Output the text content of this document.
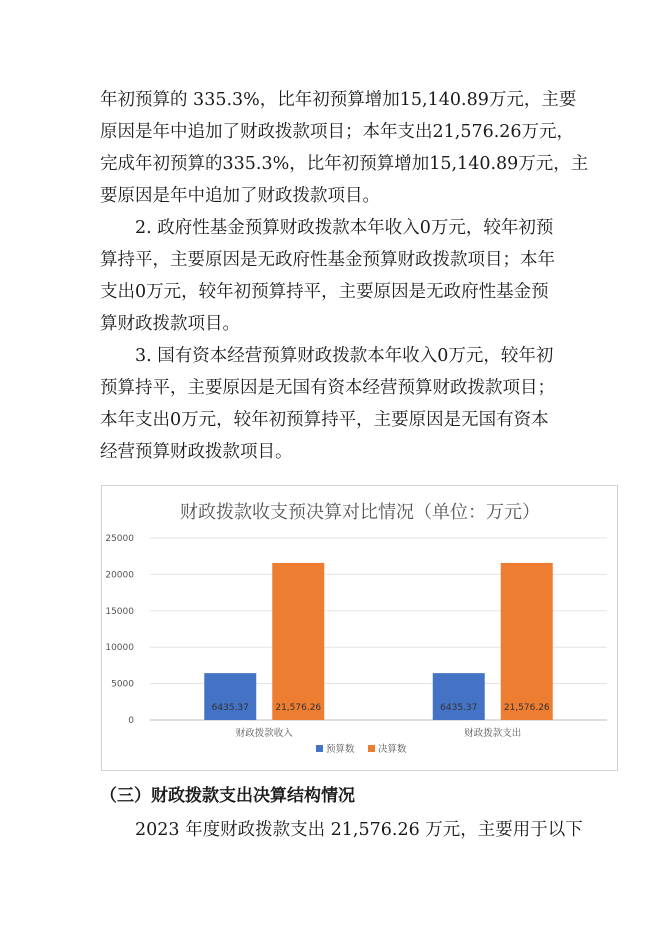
年初预算的 335.3%，比年初预算增加15,140.89万元，主要
原因是年中追加了财政拨款项目；本年支出21,576.26万元，
完成年初预算的335.3%，比年初预算增加15,140.89万元，主
要原因是年中追加了财政拨款项目。
　　2. 政府性基金预算财政拨款本年收入0万元，较年初预
算持平，主要原因是无政府性基金预算财政拨款项目；本年
支出0万元，较年初预算持平，主要原因是无政府性基金预
算财政拨款项目。
　　3. 国有资本经营预算财政拨款本年收入0万元，较年初
预算持平，主要原因是无国有资本经营预算财政拨款项目；
本年支出0万元，较年初预算持平，主要原因是无国有资本
经营预算财政拨款项目。
财政拨款收支预决算对比情况（单位：万元）
25000
20000
15000
10000
5000
0
6435.37	21,576.26
财政拨款收入
6435.37	21,576.26
财政拨款支出
预算数 决算数

（三）财政拨款支出决算结构情况

　　2023 年度财政拨款支出 21,576.26 万元，主要用于以下
